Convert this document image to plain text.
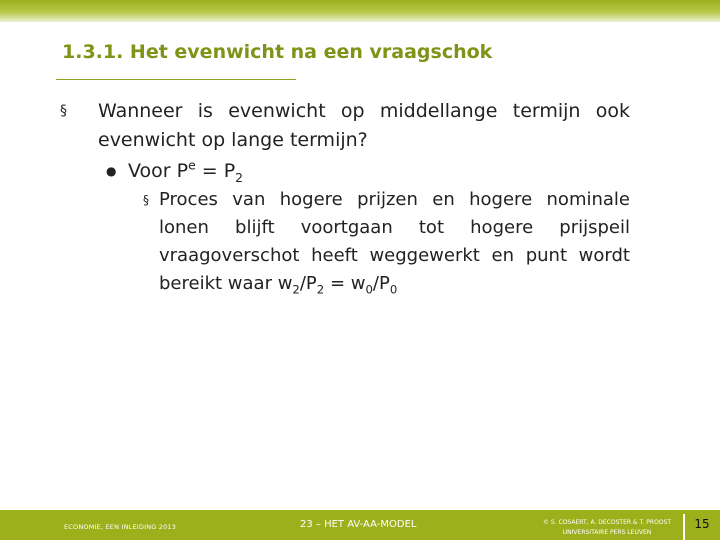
1.3.1. Het evenwicht na een vraagschok
§	Wanneer is evenwicht op middellange termijn ook evenwicht op lange termijn?
● Voor $P^e = P_2$
§ Proces van hogere prijzen en hogere nominale lonen blijft voortgaan tot hogere prijspeil vraagoverschot heeft weggewerkt en punt wordt bereikt waar $w_2/P_2 = w_0/P_0$
ECONOMIE, EEN INLEIDING 2013	23 – HET AV-AA-MODEL	© S. COSAERT, A. DECOSTER & T. PROOST
UNIVERSITAIRE PERS LEUVEN
15
